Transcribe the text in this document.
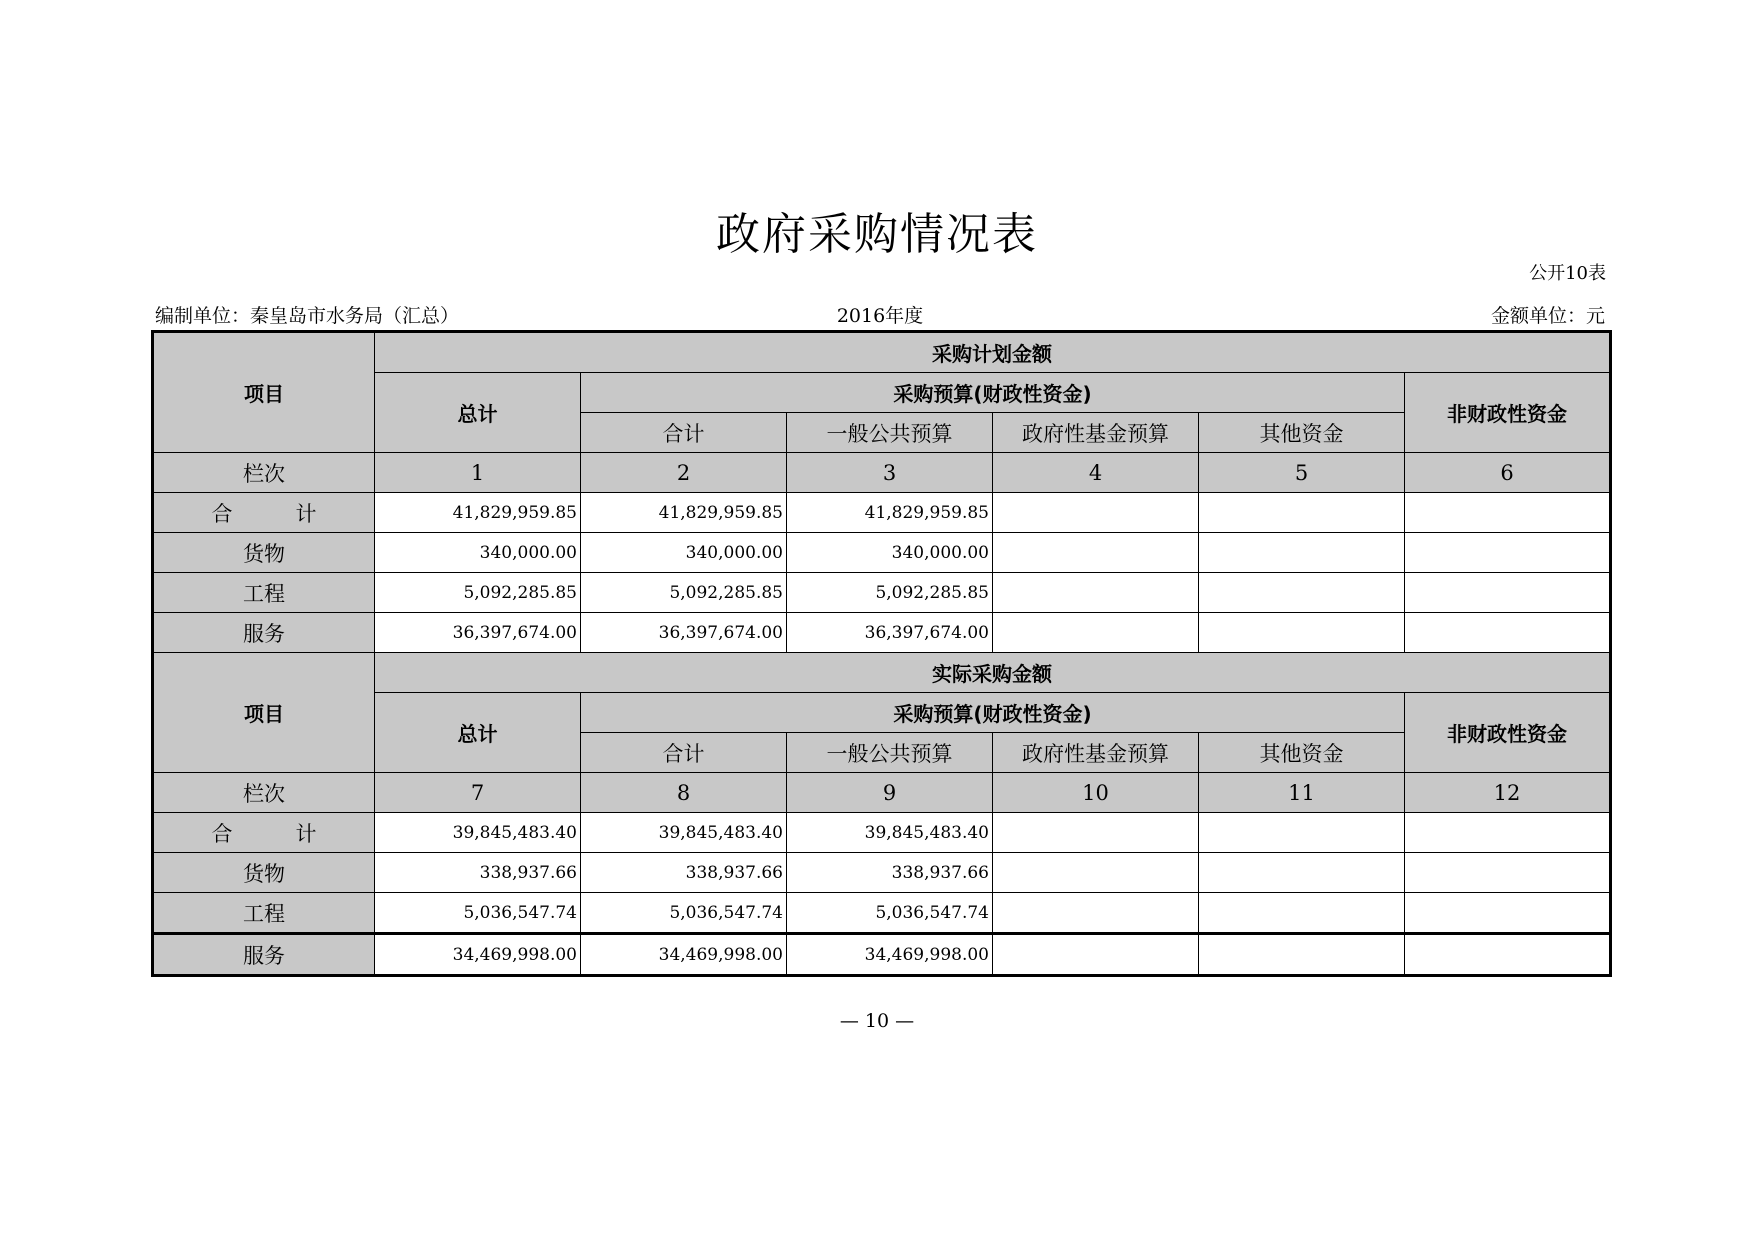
政府采购情况表
公开10表
编制单位：秦皇岛市水务局（汇总）	2016年度	金额单位：元
项目	采购计划金额					
	总计	采购预算(财政性资金)				非财政性资金
		合计	一般公共预算	政府性基金预算	其他资金	
栏次	1	2	3	4	5	6

合 计	41,829,959.85	41,829,959.85	41,829,959.85			
货物	340,000.00	340,000.00	340,000.00			
工程	5,092,285.85	5,092,285.85	5,092,285.85			
服务	36,397,674.00	36,397,674.00	36,397,674.00			
项目	实际采购金额					
	总计	采购预算(财政性资金)				非财政性资金
		合计	一般公共预算	政府性基金预算	其他资金	
栏次	7	8	9	10	11	12

合 计	39,845,483.40	39,845,483.40	39,845,483.40			
货物	338,937.66	338,937.66	338,937.66			
工程	5,036,547.74	5,036,547.74	5,036,547.74			
服务	34,469,998.00	34,469,998.00	34,469,998.00			
— 10 —
